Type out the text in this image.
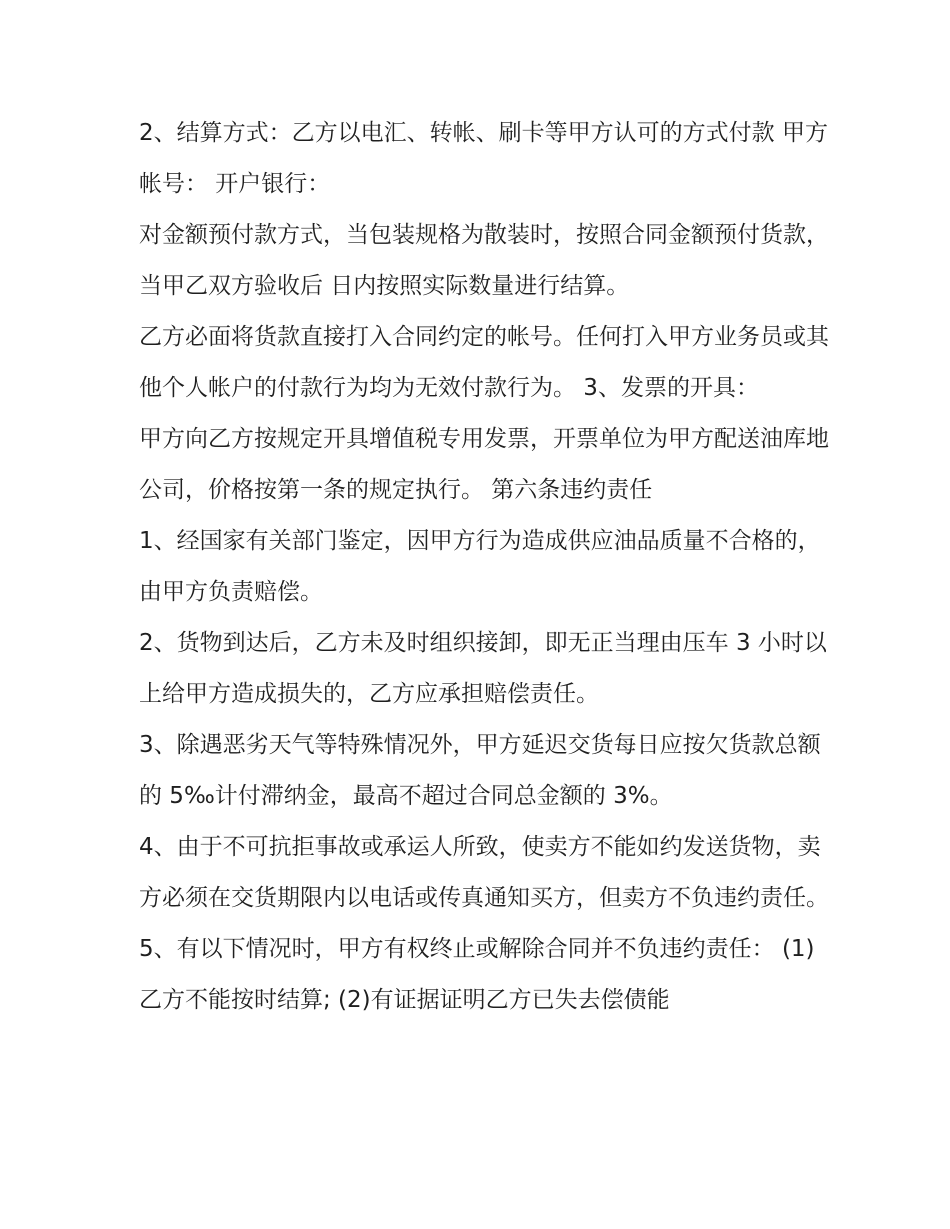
2、结算方式：乙方以电汇、转帐、刷卡等甲方认可的方式付款 甲方帐号： 开户银行：

对金额预付款方式，当包装规格为散装时，按照合同金额预付货款，当甲乙双方验收后 日内按照实际数量进行结算。

乙方必面将货款直接打入合同约定的帐号。任何打入甲方业务员或其他个人帐户的付款行为均为无效付款行为。 3、发票的开具：

甲方向乙方按规定开具增值税专用发票，开票单位为甲方配送油库地公司，价格按第一条的规定执行。 第六条违约责任

1、经国家有关部门鉴定，因甲方行为造成供应油品质量不合格的，由甲方负责赔偿。

2、货物到达后，乙方未及时组织接卸，即无正当理由压车 3 小时以上给甲方造成损失的，乙方应承担赔偿责任。

3、除遇恶劣天气等特殊情况外，甲方延迟交货每日应按欠货款总额的 5‰计付滞纳金，最高不超过合同总金额的 3%。

4、由于不可抗拒事故或承运人所致，使卖方不能如约发送货物，卖方必须在交货期限内以电话或传真通知买方，但卖方不负违约责任。

5、有以下情况时，甲方有权终止或解除合同并不负违约责任： (1)乙方不能按时结算; (2)有证据证明乙方已失去偿债能
